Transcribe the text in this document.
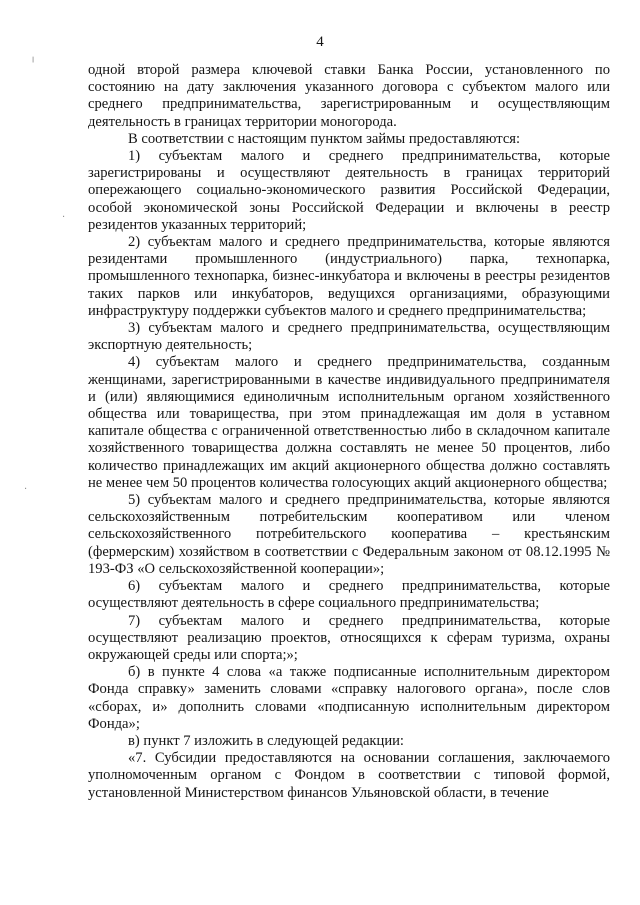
4
╷
·
·

одной второй размера ключевой ставки Банка России, установленного по состоянию на дату заключения указанного договора с субъектом малого или среднего предпринимательства, зарегистрированным и осуществляющим деятельность в границах территории моногорода.

В соответствии с настоящим пунктом займы предоставляются:

1) субъектам малого и среднего предпринимательства, которые зарегистрированы и осуществляют деятельность в границах территорий опережающего социально-экономического развития Российской Федерации, особой экономической зоны Российской Федерации и включены в реестр резидентов указанных территорий;

2) субъектам малого и среднего предпринимательства, которые являются резидентами промышленного (индустриального) парка, технопарка, промышленного технопарка, бизнес-инкубатора и включены в реестры резидентов таких парков или инкубаторов, ведущихся организациями, образующими инфраструктуру поддержки субъектов малого и среднего предпринимательства;

3) субъектам малого и среднего предпринимательства, осуществляющим экспортную деятельность;

4) субъектам малого и среднего предпринимательства, созданным женщинами, зарегистрированными в качестве индивидуального предпринимателя и (или) являющимися единоличным исполнительным органом хозяйственного общества или товарищества, при этом принадлежащая им доля в уставном капитале общества с ограниченной ответственностью либо в складочном капитале хозяйственного товарищества должна составлять не менее 50 процентов, либо количество принадлежащих им акций акционерного общества должно составлять не менее чем 50 процентов количества голосующих акций акционерного общества;

5) субъектам малого и среднего предпринимательства, которые являются сельскохозяйственным потребительским кооперативом или членом сельскохозяйственного потребительского кооператива – крестьянским (фермерским) хозяйством в соответствии с Федеральным законом от 08.12.1995 № 193-ФЗ «О сельскохозяйственной кооперации»;

6) субъектам малого и среднего предпринимательства, которые осуществляют деятельность в сфере социального предпринимательства;

7) субъектам малого и среднего предпринимательства, которые осуществляют реализацию проектов, относящихся к сферам туризма, охраны окружающей среды или спорта;»;

б) в пункте 4 слова «а также подписанные исполнительным директором Фонда справку» заменить словами «справку налогового органа», после слов «сборах, и» дополнить словами «подписанную исполнительным директором Фонда»;

в) пункт 7 изложить в следующей редакции:

«7. Субсидии предоставляются на основании соглашения, заключаемого уполномоченным органом с Фондом в соответствии с типовой формой, установленной Министерством финансов Ульяновской области, в течение
